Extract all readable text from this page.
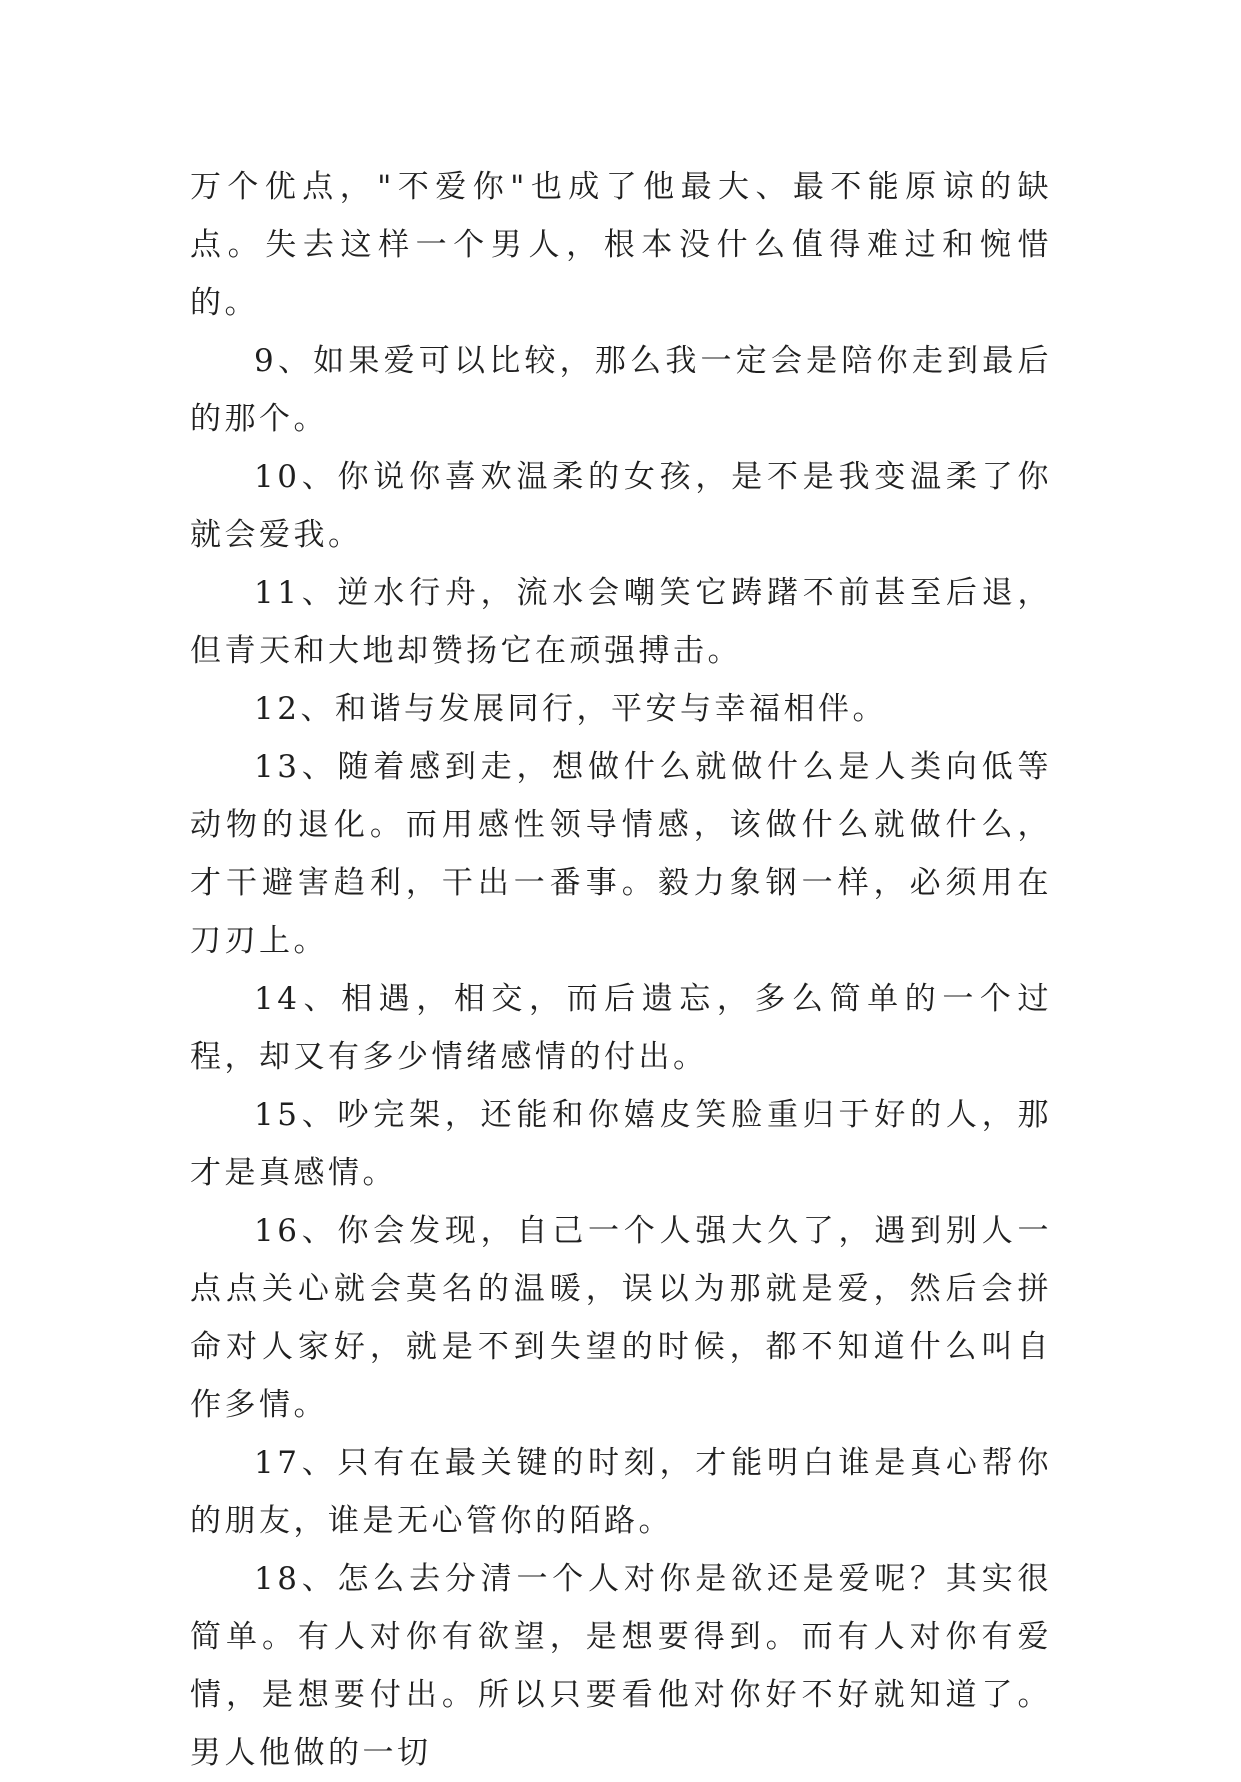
万个优点，"不爱你"也成了他最大、最不能原谅的缺点。失去这样一个男人，根本没什么值得难过和惋惜的。

9、如果爱可以比较，那么我一定会是陪你走到最后的那个。

10、你说你喜欢温柔的女孩，是不是我变温柔了你就会爱我。

11、逆水行舟，流水会嘲笑它踌躇不前甚至后退，但青天和大地却赞扬它在顽强搏击。

12、和谐与发展同行，平安与幸福相伴。

13、随着感到走，想做什么就做什么是人类向低等动物的退化。而用感性领导情感，该做什么就做什么，才干避害趋利，干出一番事。毅力象钢一样，必须用在刀刃上。

14、相遇，相交，而后遗忘，多么简单的一个过程，却又有多少情绪感情的付出。

15、吵完架，还能和你嬉皮笑脸重归于好的人，那才是真感情。

16、你会发现，自己一个人强大久了，遇到别人一点点关心就会莫名的温暖，误以为那就是爱，然后会拼命对人家好，就是不到失望的时候，都不知道什么叫自作多情。

17、只有在最关键的时刻，才能明白谁是真心帮你的朋友，谁是无心管你的陌路。

18、怎么去分清一个人对你是欲还是爱呢？其实很简单。有人对你有欲望，是想要得到。而有人对你有爱情，是想要付出。所以只要看他对你好不好就知道了。男人他做的一切
